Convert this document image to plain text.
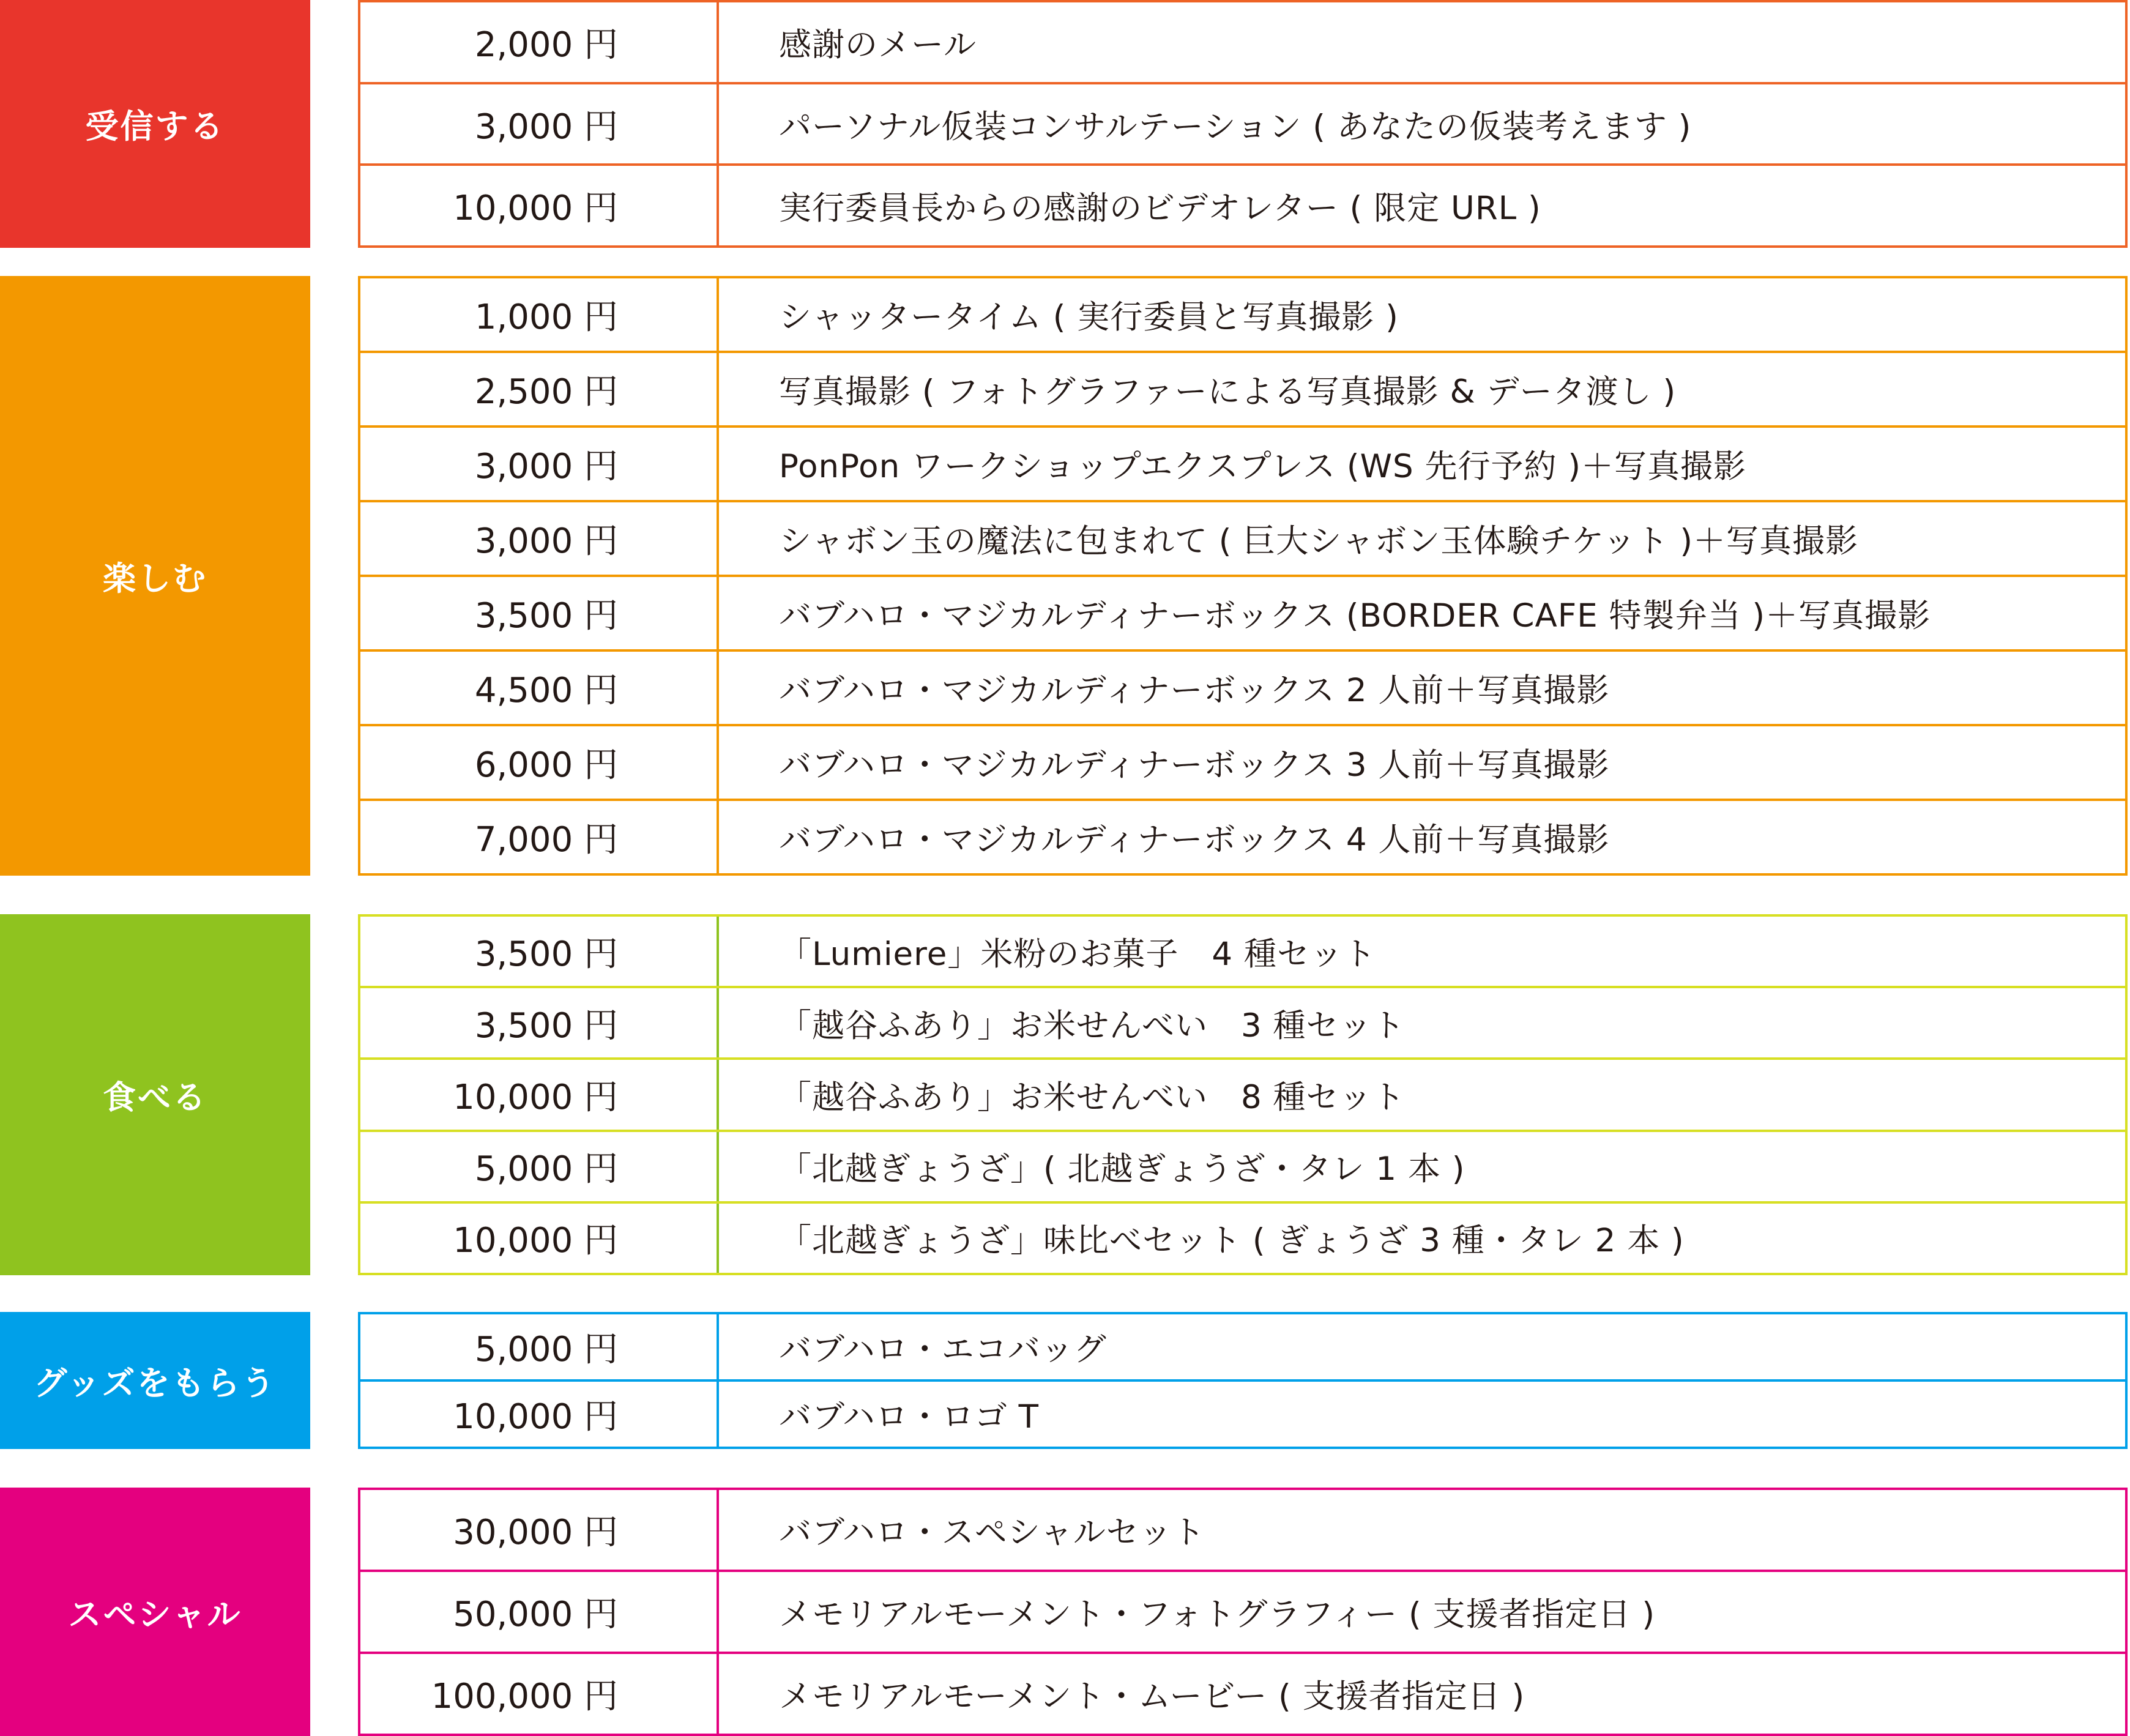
受信する
2,000 円	感謝のメール
3,000 円	パーソナル仮装コンサルテーション ( あなたの仮装考えます )
10,000 円	実行委員長からの感謝のビデオレター ( 限定 URL )
楽しむ
1,000 円	シャッタータイム ( 実行委員と写真撮影 )
2,500 円	写真撮影 ( フォトグラファーによる写真撮影 & データ渡し )
3,000 円	PonPon ワークショップエクスプレス (WS 先行予約 )＋写真撮影
3,000 円	シャボン玉の魔法に包まれて ( 巨大シャボン玉体験チケット )＋写真撮影
3,500 円	バブハロ・マジカルディナーボックス (BORDER CAFE 特製弁当 )＋写真撮影
4,500 円	バブハロ・マジカルディナーボックス 2 人前＋写真撮影
6,000 円	バブハロ・マジカルディナーボックス 3 人前＋写真撮影
7,000 円	バブハロ・マジカルディナーボックス 4 人前＋写真撮影
食べる
3,500 円	「Lumiere」米粉のお菓子　4 種セット
3,500 円	「越谷ふあり」お米せんべい　3 種セット
10,000 円	「越谷ふあり」お米せんべい　8 種セット
5,000 円	「北越ぎょうざ」( 北越ぎょうざ・タレ 1 本 )
10,000 円	「北越ぎょうざ」味比べセット ( ぎょうざ 3 種・タレ 2 本 )
グッズをもらう
5,000 円	バブハロ・エコバッグ
10,000 円	バブハロ・ロゴ T
スペシャル
30,000 円	バブハロ・スペシャルセット
50,000 円	メモリアルモーメント・フォトグラフィー ( 支援者指定日 )
100,000 円	メモリアルモーメント・ムービー ( 支援者指定日 )
